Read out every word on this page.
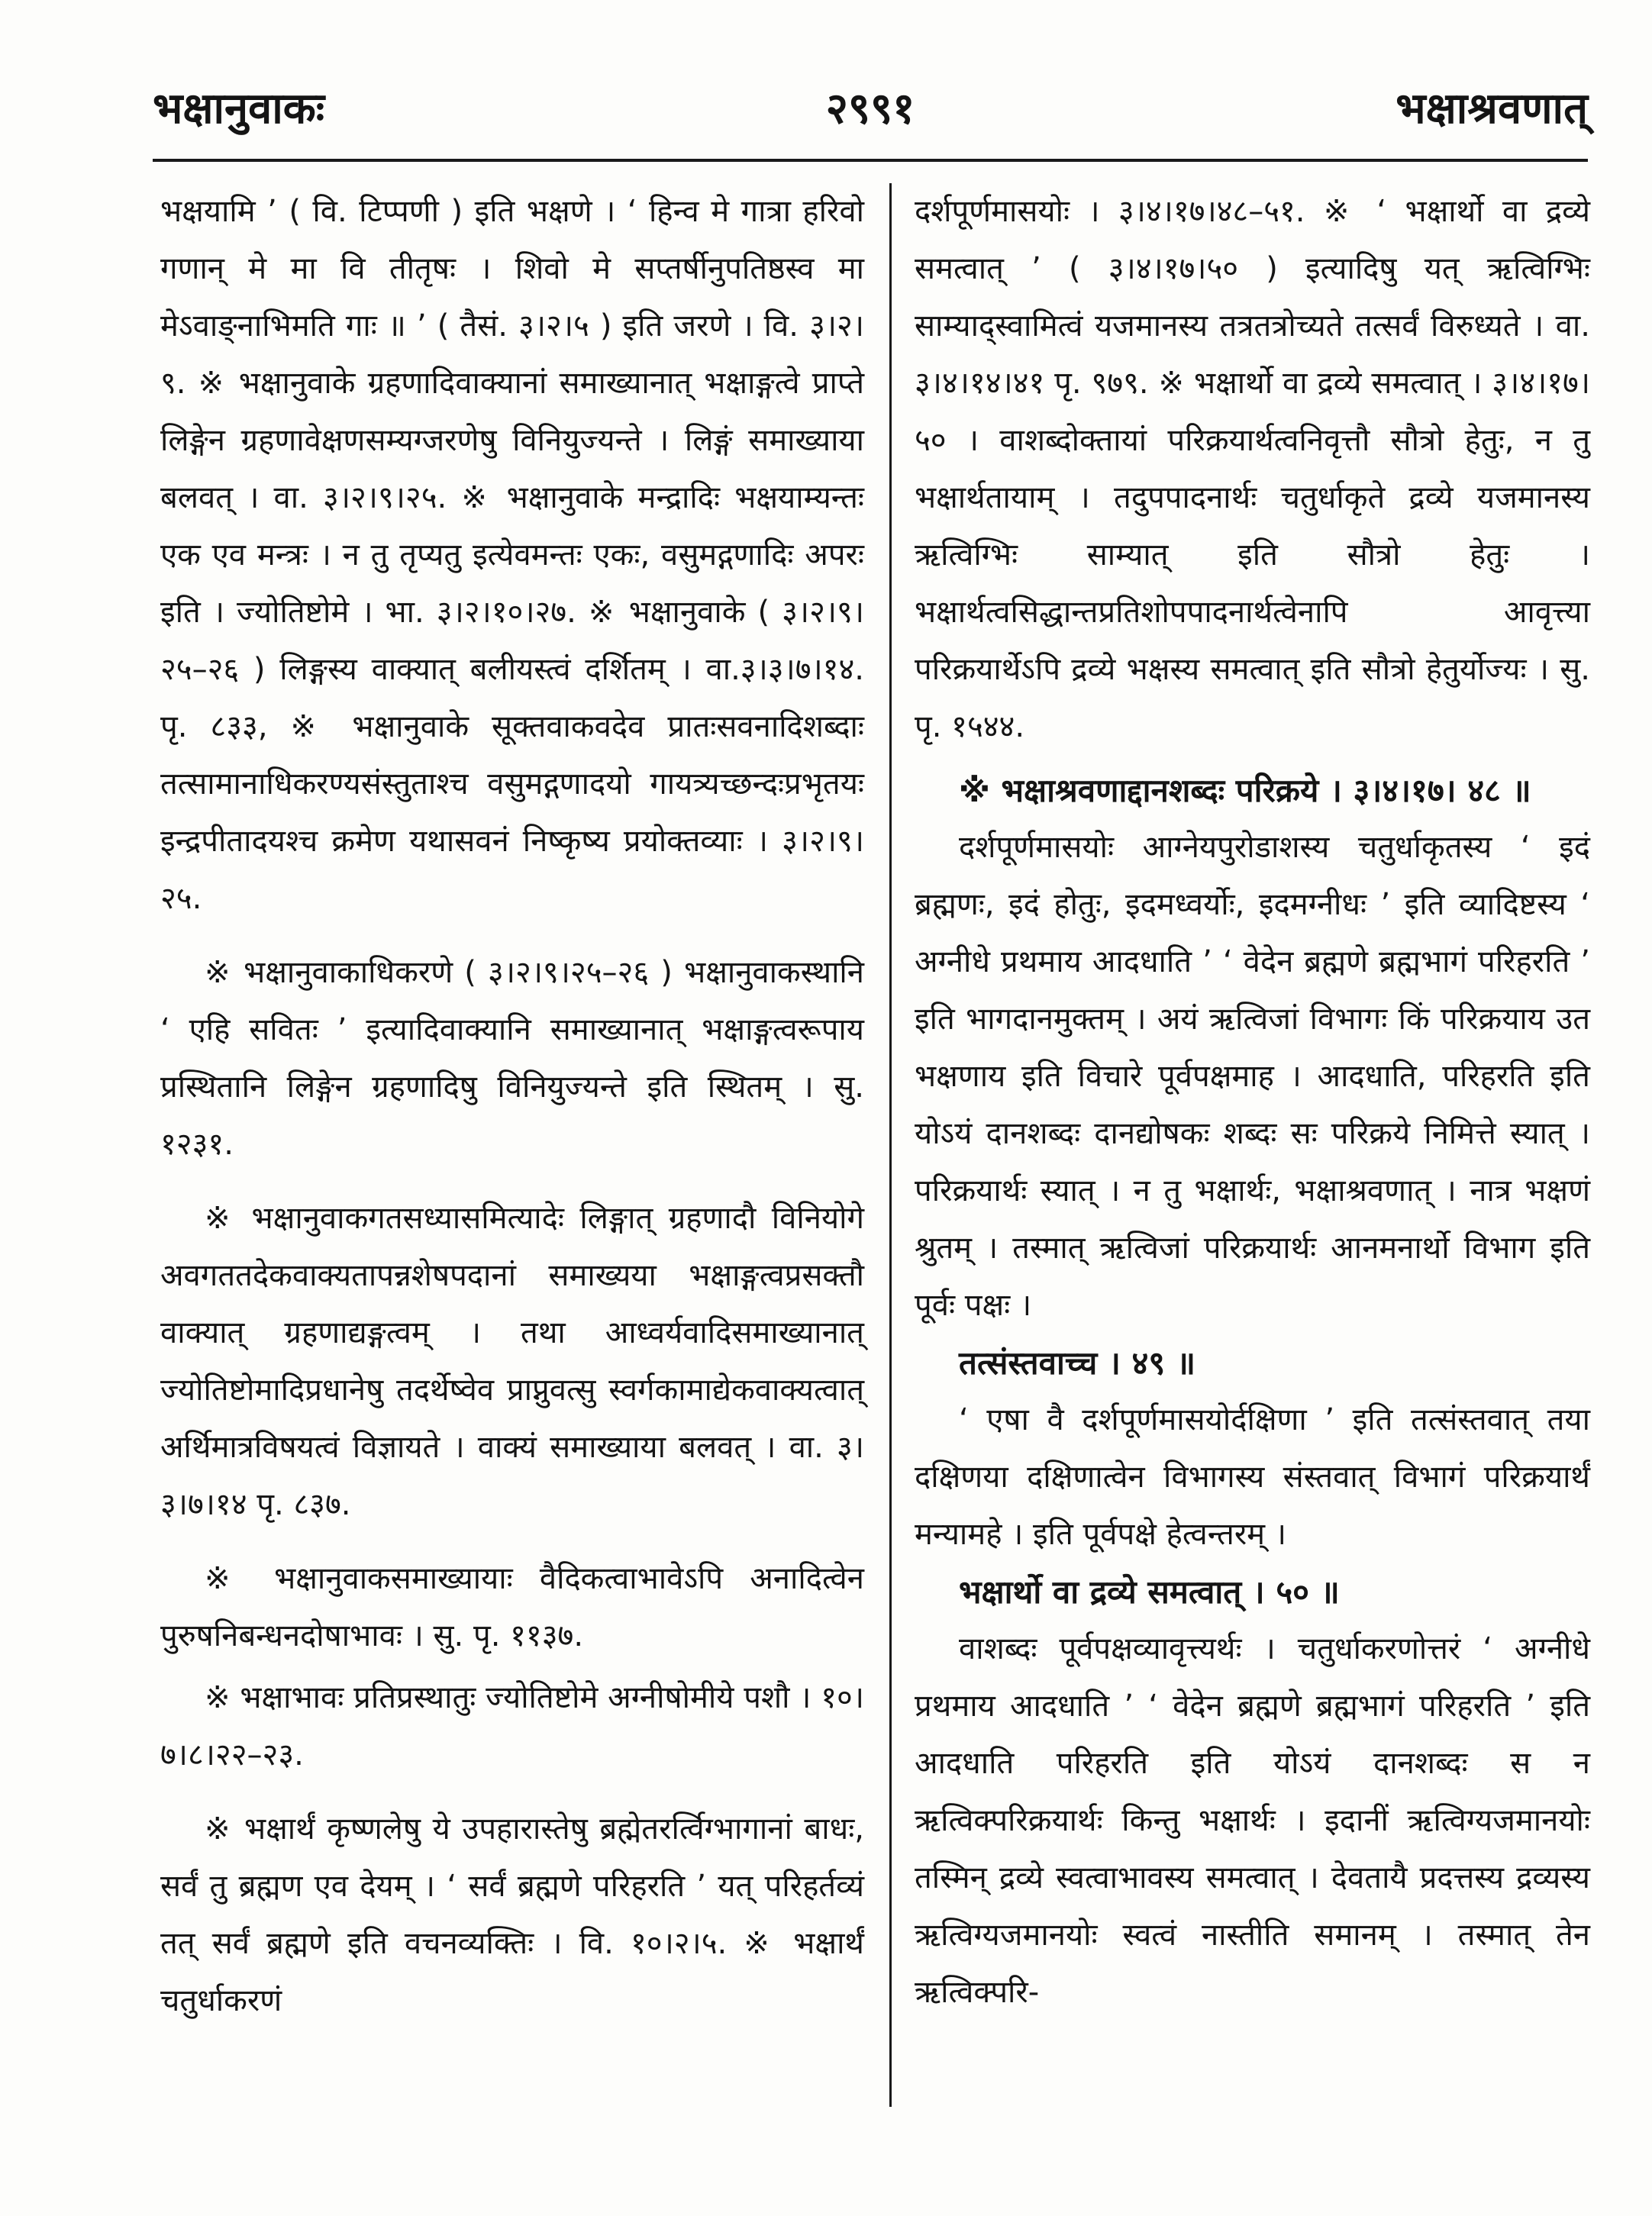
२९९१
भक्षानुवाकः	भक्षाश्रवणात्

भक्षयामि ’ ( वि. टिप्पणी ) इति भक्षणे । ‘ हिन्व मे गात्रा हरिवो गणान् मे मा वि तीतृषः । शिवो मे सप्तर्षीनुपतिष्ठस्व मा मेऽवाङ्नाभिमति गाः ॥ ’ ( तैसं. ३।२।५ ) इति जरणे । वि. ३।२।९. ※ भक्षानुवाके ग्रहणादिवाक्यानां समाख्यानात् भक्षाङ्गत्वे प्राप्ते लिङ्गेन ग्रहणावेक्षणसम्यग्जरणेषु विनियुज्यन्ते । लिङ्गं समाख्याया बलवत् । वा. ३।२।९।२५. ※ भक्षानुवाके मन्द्रादिः भक्षयाम्यन्तः एक एव मन्त्रः । न तु तृप्यतु इत्येवमन्तः एकः, वसुमद्गणादिः अपरः इति । ज्योतिष्टोमे । भा. ३।२।१०।२७. ※ भक्षानुवाके ( ३।२।९।२५–२६ ) लिङ्गस्य वाक्यात् बलीयस्त्वं दर्शितम् । वा.३।३।७।१४. पृ. ८३३, ※ भक्षानुवाके सूक्तवाकवदेव प्रातःसवनादिशब्दाः तत्सामानाधिकरण्यसंस्तुताश्च वसुमद्गणादयो गायत्र्यच्छन्दःप्रभृतयः इन्द्रपीतादयश्च क्रमेण यथासवनं निष्कृष्य प्रयोक्तव्याः । ३।२।९।२५.

※ भक्षानुवाकाधिकरणे ( ३।२।९।२५–२६ ) भक्षानुवाकस्थानि ‘ एहि सवितः ’ इत्यादिवाक्यानि समाख्यानात् भक्षाङ्गत्वरूपाय प्रस्थितानि लिङ्गेन ग्रहणादिषु विनियुज्यन्ते इति स्थितम् । सु. १२३१.

※ भक्षानुवाकगतसध्यासमित्यादेः लिङ्गात् ग्रहणादौ विनियोगे अवगततदेकवाक्यतापन्नशेषपदानां समाख्यया भक्षाङ्गत्वप्रसक्तौ वाक्यात् ग्रहणाद्यङ्गत्वम् । तथा आध्वर्यवादिसमाख्यानात् ज्योतिष्टोमादिप्रधानेषु तदर्थेष्वेव प्राप्नुवत्सु स्वर्गकामाद्येकवाक्यत्वात् अर्थिमात्रविषयत्वं विज्ञायते । वाक्यं समाख्याया बलवत् । वा. ३।३।७।१४ पृ. ८३७.

※ भक्षानुवाकसमाख्यायाः वैदिकत्वाभावेऽपि अनादित्वेन पुरुषनिबन्धनदोषाभावः । सु. पृ. ११३७.

※ भक्षाभावः प्रतिप्रस्थातुः ज्योतिष्टोमे अग्नीषोमीये पशौ । १०।७।८।२२–२३.

※ भक्षार्थं कृष्णलेषु ये उपहारास्तेषु ब्रह्मेतरर्त्विग्भागानां बाधः, सर्वं तु ब्रह्मण एव देयम् । ‘ सर्वं ब्रह्मणे परिहरति ’ यत् परिहर्तव्यं तत् सर्वं ब्रह्मणे इति वचनव्यक्तिः । वि. १०।२।५. ※ भक्षार्थं चतुर्धाकरणं

दर्शपूर्णमासयोः । ३।४।१७।४८–५१. ※ ‘ भक्षार्थो वा द्रव्ये समत्वात् ’ ( ३।४।१७।५० ) इत्यादिषु यत् ऋत्विग्भिः साम्याद्स्वामित्वं यजमानस्य तत्रतत्रोच्यते तत्सर्वं विरुध्यते । वा. ३।४।१४।४१ पृ. ९७९. ※ भक्षार्थो वा द्रव्ये समत्वात् । ३।४।१७।५० । वाशब्दोक्तायां परिक्रयार्थत्वनिवृत्तौ सौत्रो हेतुः, न तु भक्षार्थतायाम् । तदुपपादनार्थः चतुर्धाकृते द्रव्ये यजमानस्य ऋत्विग्भिः साम्यात् इति सौत्रो हेतुः । भक्षार्थत्वसिद्धान्तप्रतिशोपपादनार्थत्वेनापि आवृत्त्या परिक्रयार्थेऽपि द्रव्ये भक्षस्य समत्वात् इति सौत्रो हेतुर्योज्यः । सु. पृ. १५४४.

※ भक्षाश्रवणाद्दानशब्दः परिक्रये । ३।४।१७। ४८ ॥

दर्शपूर्णमासयोः आग्नेयपुरोडाशस्य चतुर्धाकृतस्य ‘ इदं ब्रह्मणः, इदं होतुः, इदमध्वर्योः, इदमग्नीधः ’ इति व्यादिष्टस्य ‘ अग्नीधे प्रथमाय आदधाति ’ ‘ वेदेन ब्रह्मणे ब्रह्मभागं परिहरति ’ इति भागदानमुक्तम् । अयं ऋत्विजां विभागः किं परिक्रयाय उत भक्षणाय इति विचारे पूर्वपक्षमाह । आदधाति, परिहरति इति योऽयं दानशब्दः दानद्योषकः शब्दः सः परिक्रये निमित्ते स्यात् । परिक्रयार्थः स्यात् । न तु भक्षार्थः, भक्षाश्रवणात् । नात्र भक्षणं श्रुतम् । तस्मात् ऋत्विजां परिक्रयार्थः आनमनार्थो विभाग इति पूर्वः पक्षः ।

तत्संस्तवाच्च । ४९ ॥

‘ एषा वै दर्शपूर्णमासयोर्दक्षिणा ’ इति तत्संस्तवात् तया दक्षिणया दक्षिणात्वेन विभागस्य संस्तवात् विभागं परिक्रयार्थं मन्यामहे । इति पूर्वपक्षे हेत्वन्तरम् ।

भक्षार्थो वा द्रव्ये समत्वात् । ५० ॥

वाशब्दः पूर्वपक्षव्यावृत्त्यर्थः । चतुर्धाकरणोत्तरं ‘ अग्नीधे प्रथमाय आदधाति ’ ‘ वेदेन ब्रह्मणे ब्रह्मभागं परिहरति ’ इति आदधाति परिहरति इति योऽयं दानशब्दः स न ऋत्विक्परिक्रयार्थः किन्तु भक्षार्थः । इदानीं ऋत्विग्यजमानयोः तस्मिन् द्रव्ये स्वत्वाभावस्य समत्वात् । देवतायै प्रदत्तस्य द्रव्यस्य ऋत्विग्यजमानयोः स्वत्वं नास्तीति समानम् । तस्मात् तेन ऋत्विक्परि-
